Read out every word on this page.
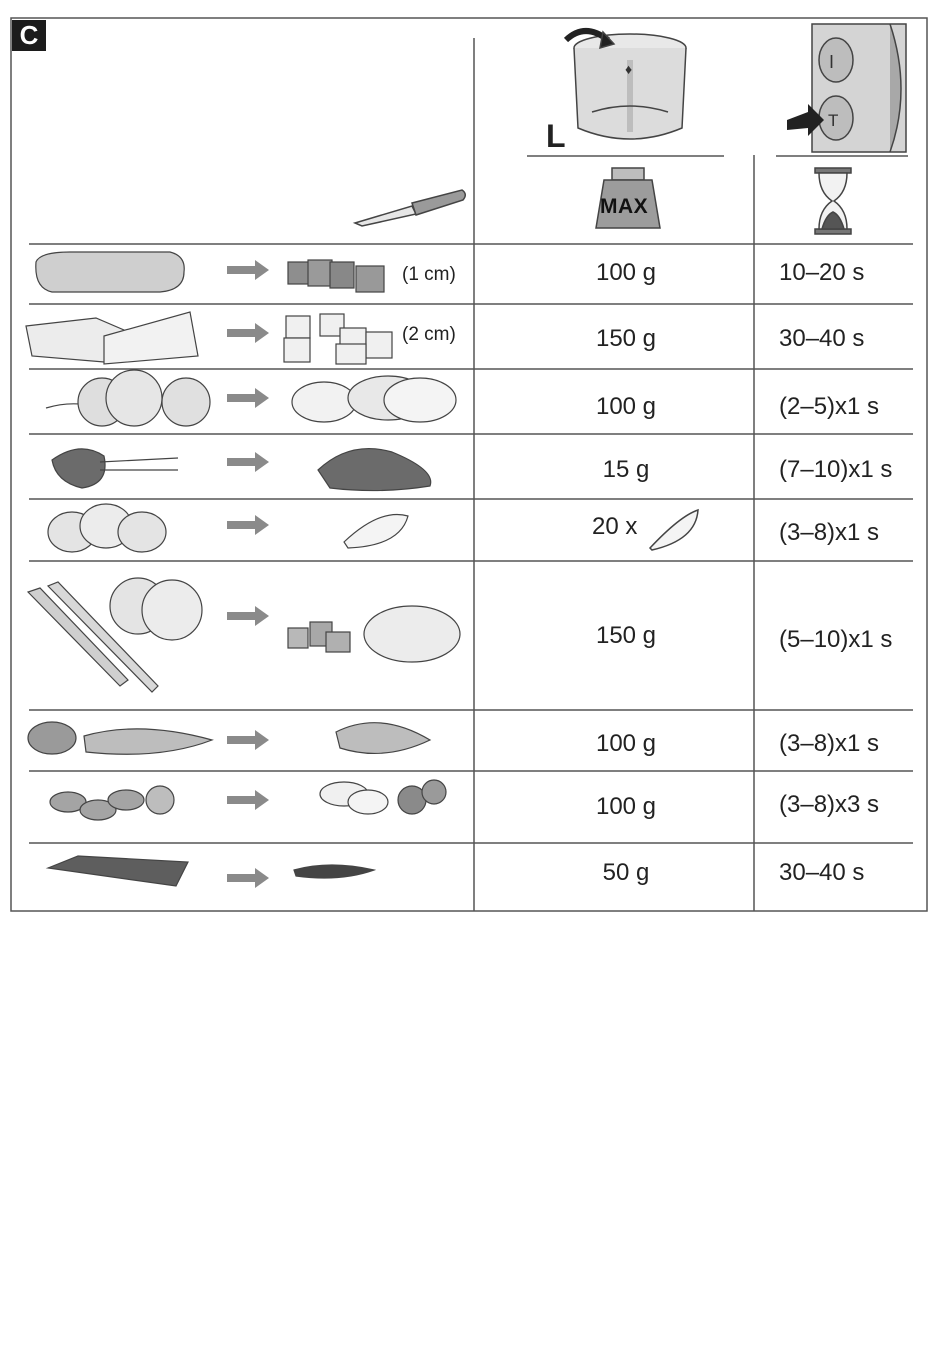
♦	I
T
C
L
MAX
(1 cm)
(2 cm)
100 g
150 g
100 g
15 g
20 x
150 g
100 g
100 g
50 g
10–20 s
30–40 s
(2–5)x1 s
(7–10)x1 s
(3–8)x1 s
(5–10)x1 s
(3–8)x1 s
(3–8)x3 s
30–40 s
